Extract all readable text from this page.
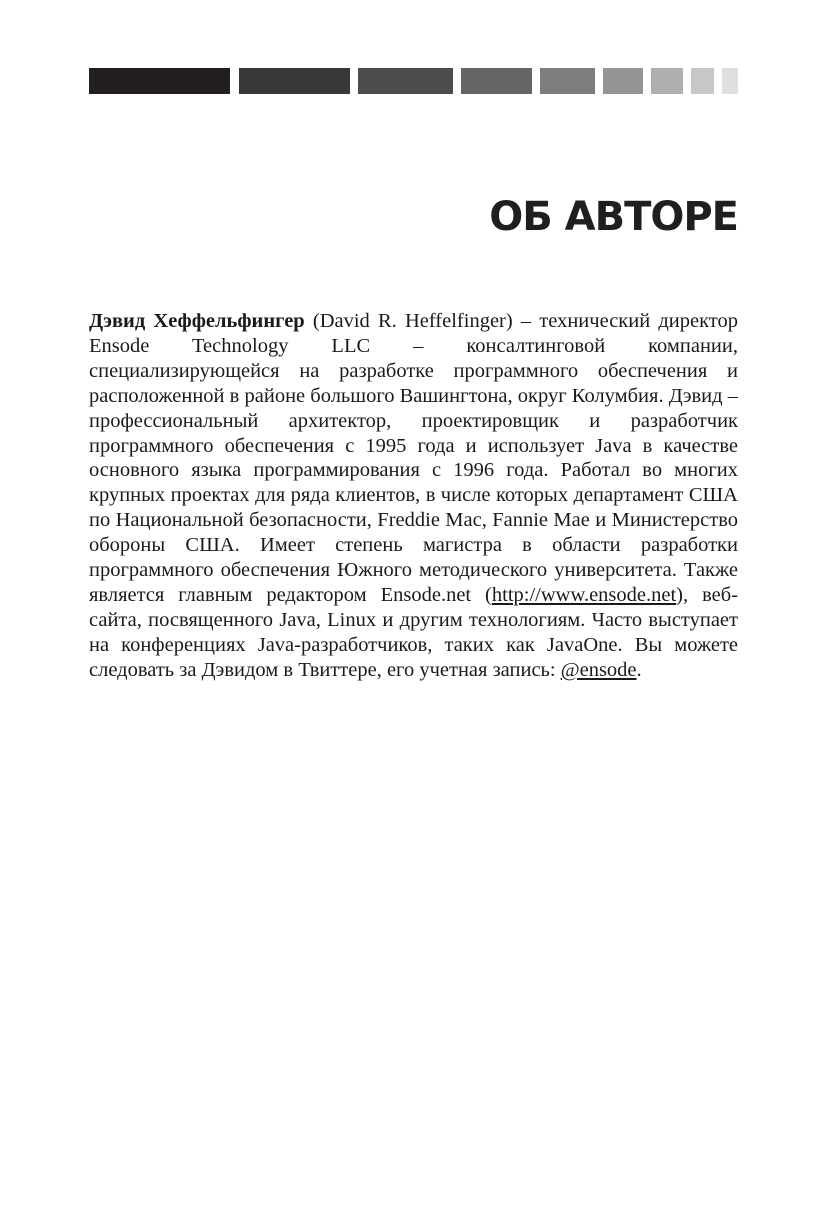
ОБ АВТОРЕ

Дэвид Хеффельфингер (David R. Heffelfinger) – технический директор Ensode Technology LLC – консалтинговой компании, специализирующейся на разработке программного обеспечения и расположенной в районе большого Вашингтона, округ Колумбия. Дэвид – профессиональный архитектор, проектировщик и разработчик программного обеспечения с 1995 года и использует Java в качестве основного языка программирования с 1996 года. Работал во многих крупных проектах для ряда клиентов, в числе которых департамент США по Национальной безопасности, Freddie Mac, Fannie Mae и Министерство обороны США. Имеет степень магистра в области разработки программного обеспечения Южного методического университета. Также является главным редактором Ensode.net (http://www.ensode.net), веб-сайта, посвященного Java, Linux и другим технологиям. Часто выступает на конференциях Java-разработчиков, таких как JavaOne. Вы можете следовать за Дэвидом в Твиттере, его учетная запись: @ensode.
